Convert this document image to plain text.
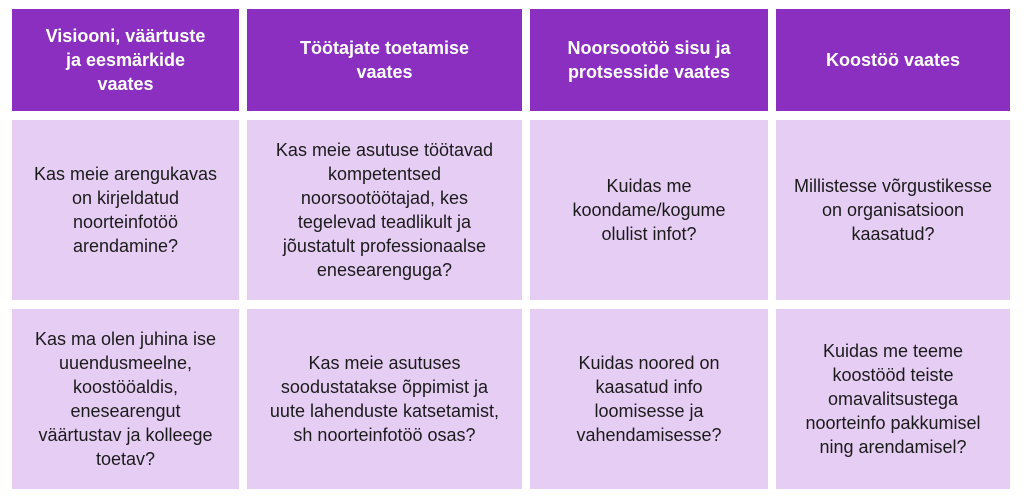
Visiooni, väärtuste
ja eesmärkide
vaates
Töötajate toetamise
vaates
Noorsootöö sisu ja
protsesside vaates
Koostöö vaates
Kas meie arengukavas
on kirjeldatud
noorteinfotöö
arendamine?
Kas meie asutuse töötavad
kompetentsed
noorsootöötajad, kes
tegelevad teadlikult ja
jõustatult professionaalse
enesearenguga?
Kuidas me
koondame/kogume
olulist infot?
Millistesse võrgustikesse
on organisatsioon
kaasatud?
Kas ma olen juhina ise
uuendusmeelne,
koostööaldis,
enesearengut
väärtustav ja kolleege
toetav?
Kas meie asutuses
soodustatakse õppimist ja
uute lahenduste katsetamist,
sh noorteinfotöö osas?
Kuidas noored on
kaasatud info
loomisesse ja
vahendamisesse?
Kuidas me teeme
koostööd teiste
omavalitsustega
noorteinfo pakkumisel
ning arendamisel?
